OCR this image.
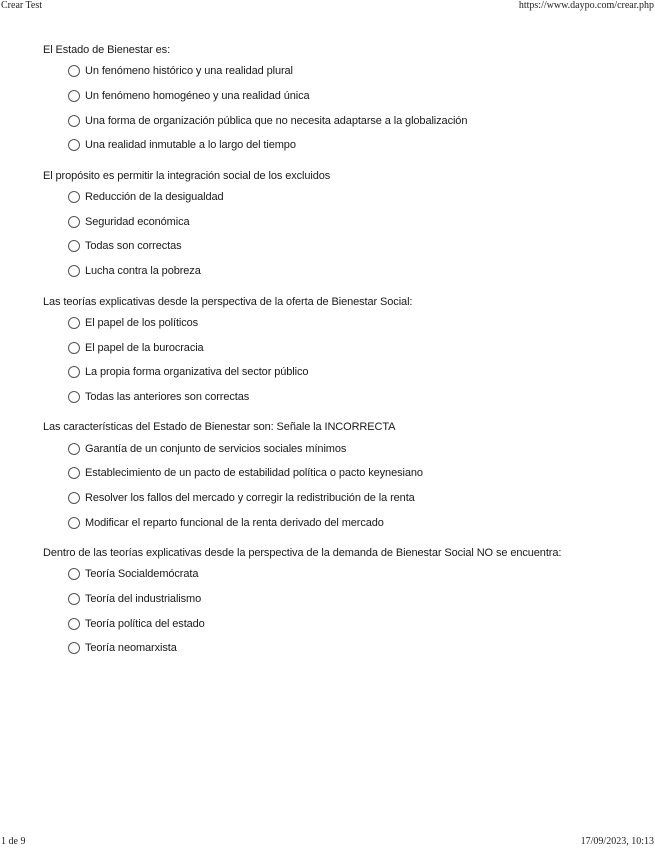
Crear Test	https://www.daypo.com/crear.php
El Estado de Bienestar es:
Un fenómeno histórico y una realidad plural
Un fenómeno homogéneo y una realidad única
Una forma de organización pública que no necesita adaptarse a la globalización
Una realidad inmutable a lo largo del tiempo
El propósito es permitir la integración social de los excluidos
Reducción de la desigualdad
Seguridad económica
Todas son correctas
Lucha contra la pobreza
Las teorías explicativas desde la perspectiva de la oferta de Bienestar Social:
El papel de los políticos
El papel de la burocracia
La propia forma organizativa del sector público
Todas las anteriores son correctas
Las características del Estado de Bienestar son: Señale la INCORRECTA
Garantía de un conjunto de servicios sociales mínimos
Establecimiento de un pacto de estabilidad política o pacto keynesiano
Resolver los fallos del mercado y corregir la redistribución de la renta
Modificar el reparto funcional de la renta derivado del mercado
Dentro de las teorías explicativas desde la perspectiva de la demanda de Bienestar Social NO se encuentra:
Teoría Socialdemócrata
Teoría del industrialismo
Teoría política del estado
Teoría neomarxista
1 de 9	17/09/2023, 10:13
